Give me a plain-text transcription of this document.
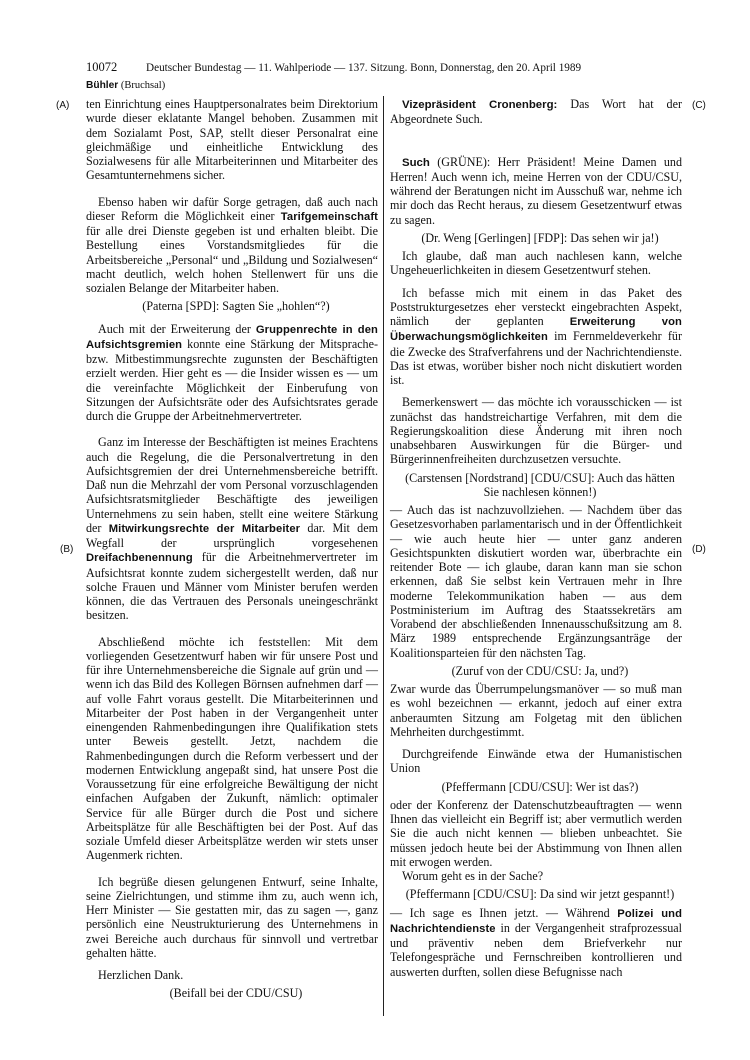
10072	Deutscher Bundestag — 11. Wahlperiode — 137. Sitzung. Bonn, Donnerstag, den 20. April 1989
Bühler (Bruchsal)
(A)
(B)
(C)
(D)

ten Einrichtung eines Hauptpersonalrates beim Direktorium wurde dieser eklatante Mangel behoben. Zusammen mit dem Sozialamt Post, SAP, stellt dieser Personalrat eine gleichmäßige und einheitliche Entwicklung des Sozialwesens für alle Mitarbeiterinnen und Mitarbeiter des Gesamtunternehmens sicher.

Ebenso haben wir dafür Sorge getragen, daß auch nach dieser Reform die Möglichkeit einer Tarifgemeinschaft für alle drei Dienste gegeben ist und erhalten bleibt. Die Bestellung eines Vorstandsmitgliedes für die Arbeitsbereiche „Personal“ und „Bildung und Sozialwesen“ macht deutlich, welch hohen Stellenwert für uns die sozialen Belange der Mitarbeiter haben.

(Paterna [SPD]: Sagten Sie „hohlen“?)

Auch mit der Erweiterung der Gruppenrechte in den Aufsichtsgremien konnte eine Stärkung der Mitsprache- bzw. Mitbestimmungsrechte zugunsten der Beschäftigten erzielt werden. Hier geht es — die Insider wissen es — um die vereinfachte Möglichkeit der Einberufung von Sitzungen der Aufsichtsräte oder des Aufsichtsrates gerade durch die Gruppe der Arbeitnehmervertreter.

Ganz im Interesse der Beschäftigten ist meines Erachtens auch die Regelung, die die Personalvertretung in den Aufsichtsgremien der drei Unternehmensbereiche betrifft. Daß nun die Mehrzahl der vom Personal vorzuschlagenden Aufsichtsratsmitglieder Beschäftigte des jeweiligen Unternehmens zu sein haben, stellt eine weitere Stärkung der Mitwirkungsrechte der Mitarbeiter dar. Mit dem Wegfall der ursprünglich vorgesehenen Dreifachbenennung für die Arbeitnehmervertreter im Aufsichtsrat konnte zudem sichergestellt werden, daß nur solche Frauen und Männer vom Minister berufen werden können, die das Vertrauen des Personals uneingeschränkt besitzen.

Abschließend möchte ich feststellen: Mit dem vorliegenden Gesetzentwurf haben wir für unsere Post und für ihre Unternehmensbereiche die Signale auf grün und — wenn ich das Bild des Kollegen Börnsen aufnehmen darf — auf volle Fahrt voraus gestellt. Die Mitarbeiterinnen und Mitarbeiter der Post haben in der Vergangenheit unter einengenden Rahmenbedingungen ihre Qualifikation stets unter Beweis gestellt. Jetzt, nachdem die Rahmenbedingungen durch die Reform verbessert und der modernen Entwicklung angepaßt sind, hat unsere Post die Voraussetzung für eine erfolgreiche Bewältigung der nicht einfachen Aufgaben der Zukunft, nämlich: optimaler Service für alle Bürger durch die Post und sichere Arbeitsplätze für alle Beschäftigten bei der Post. Auf das soziale Umfeld dieser Arbeitsplätze werden wir stets unser Augenmerk richten.

Ich begrüße diesen gelungenen Entwurf, seine Inhalte, seine Zielrichtungen, und stimme ihm zu, auch wenn ich, Herr Minister — Sie gestatten mir, das zu sagen —, ganz persönlich eine Neustrukturierung des Unternehmens in zwei Bereiche auch durchaus für sinnvoll und vertretbar gehalten hätte.

Herzlichen Dank.

(Beifall bei der CDU/CSU)

Vizepräsident Cronenberg: Das Wort hat der Abgeordnete Such.

Such (GRÜNE): Herr Präsident! Meine Damen und Herren! Auch wenn ich, meine Herren von der CDU/CSU, während der Beratungen nicht im Ausschuß war, nehme ich mir doch das Recht heraus, zu diesem Gesetzentwurf etwas zu sagen.

(Dr. Weng [Gerlingen] [FDP]: Das sehen wir ja!)

Ich glaube, daß man auch nachlesen kann, welche Ungeheuerlichkeiten in diesem Gesetzentwurf stehen.

Ich befasse mich mit einem in das Paket des Poststrukturgesetzes eher versteckt eingebrachten Aspekt, nämlich der geplanten Erweiterung von Überwachungsmöglichkeiten im Fernmeldeverkehr für die Zwecke des Strafverfahrens und der Nachrichtendienste. Das ist etwas, worüber bisher noch nicht diskutiert worden ist.

Bemerkenswert — das möchte ich vorausschicken — ist zunächst das handstreichartige Verfahren, mit dem die Regierungskoalition diese Änderung mit ihren noch unabsehbaren Auswirkungen für die Bürger- und Bürgerinnenfreiheiten durchzusetzen versuchte.

(Carstensen [Nordstrand] [CDU/CSU]: Auch das hätten Sie nachlesen können!)

— Auch das ist nachzuvollziehen. — Nachdem über das Gesetzesvorhaben parlamentarisch und in der Öffentlichkeit — wie auch heute hier — unter ganz anderen Gesichtspunkten diskutiert worden war, überbrachte ein reitender Bote — ich glaube, daran kann man sie schon erkennen, daß Sie selbst kein Vertrauen mehr in Ihre moderne Telekommunikation haben — aus dem Postministerium im Auftrag des Staatssekretärs am Vorabend der abschließenden Innenausschußsitzung am 8. März 1989 entsprechende Ergänzungsanträge der Koalitionsparteien für den nächsten Tag.

(Zuruf von der CDU/CSU: Ja, und?)

Zwar wurde das Überrumpelungsmanöver — so muß man es wohl bezeichnen — erkannt, jedoch auf einer extra anberaumten Sitzung am Folgetag mit den üblichen Mehrheiten durchgestimmt.

Durchgreifende Einwände etwa der Humanistischen Union

(Pfeffermann [CDU/CSU]: Wer ist das?)

oder der Konferenz der Datenschutzbeauftragten — wenn Ihnen das vielleicht ein Begriff ist; aber vermutlich werden Sie die auch nicht kennen — blieben unbeachtet. Sie müssen jedoch heute bei der Abstimmung von Ihnen allen mit erwogen werden.

Worum geht es in der Sache?

(Pfeffermann [CDU/CSU]: Da sind wir jetzt gespannt!)

— Ich sage es Ihnen jetzt. — Während Polizei und Nachrichtendienste in der Vergangenheit strafprozessual und präventiv neben dem Briefverkehr nur Telefongespräche und Fernschreiben kontrollieren und auswerten durften, sollen diese Befugnisse nach
